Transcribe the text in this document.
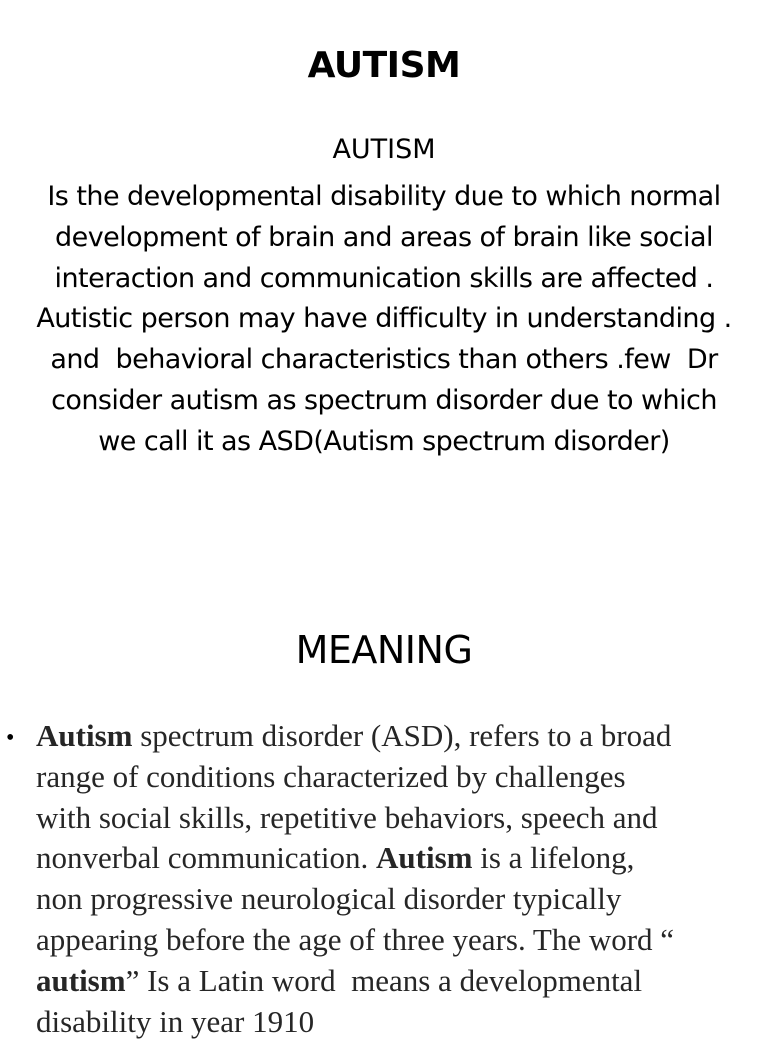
AUTISM
AUTISM
Is the developmental disability due to which normal
development of brain and areas of brain like social
interaction and communication skills are affected .
Autistic person may have difficulty in understanding .
and  behavioral characteristics than others .few  Dr
consider autism as spectrum disorder due to which
we call it as ASD(Autism spectrum disorder)
MEANING
• Autism spectrum disorder (ASD), refers to a broad
range of conditions characterized by challenges
with social skills, repetitive behaviors, speech and
nonverbal communication. Autism is a lifelong,
non progressive neurological disorder typically
appearing before the age of three years. The word “
autism” Is a Latin word  means a developmental
disability in year 1910
